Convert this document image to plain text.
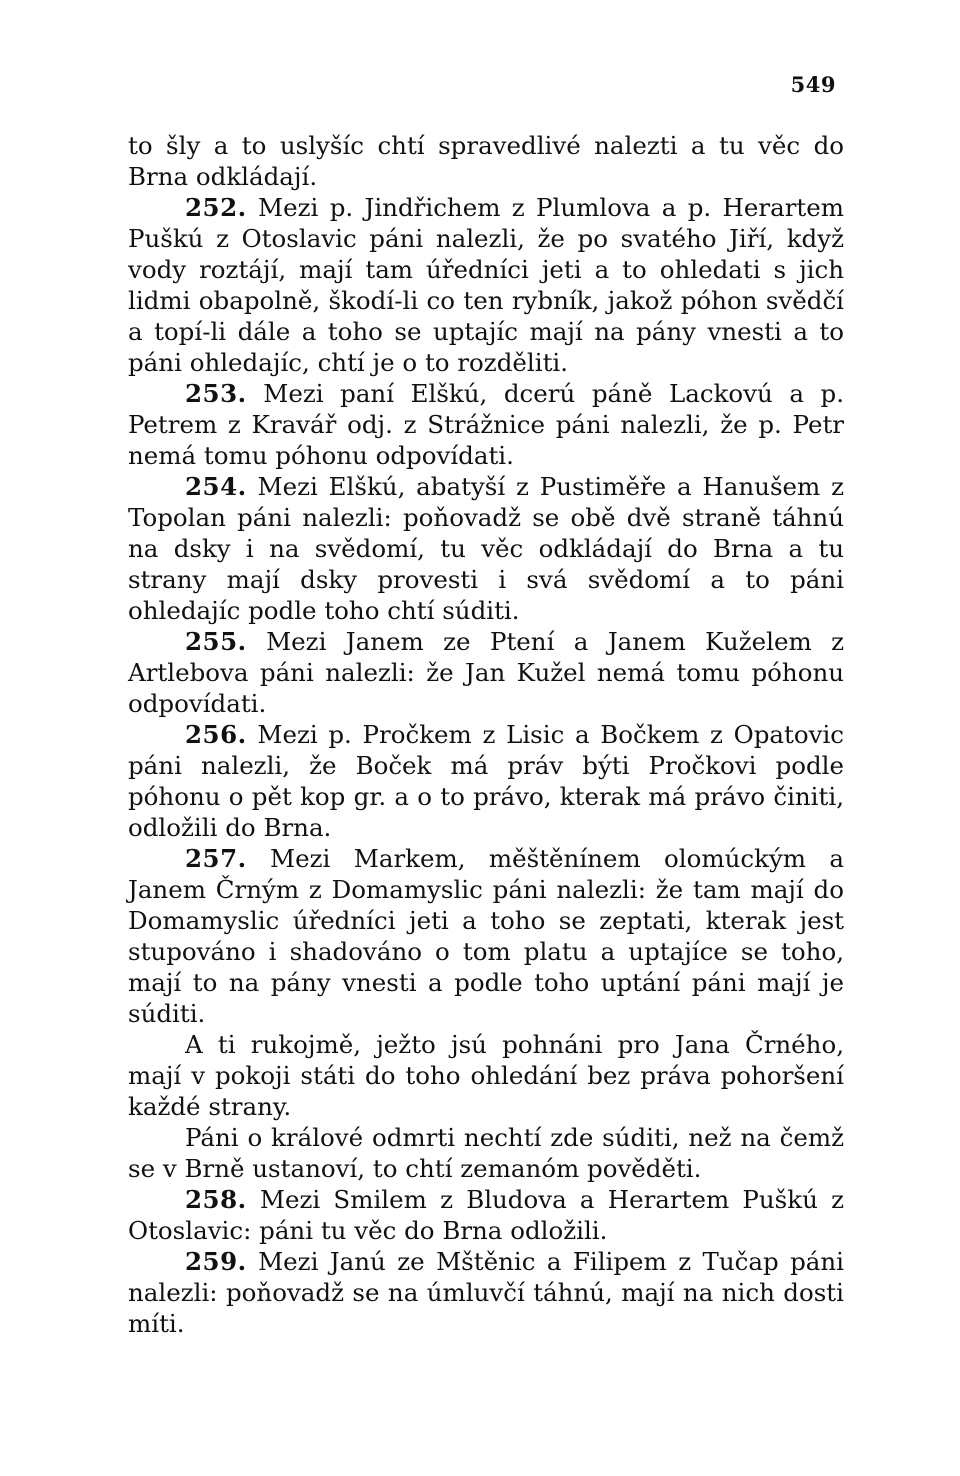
549

to šly a to uslyšíc chtí spravedlivé nalezti a tu věc do Brna odkládají.

252. Mezi p. Jindřichem z Plumlova a p. Herartem Puškú z Otoslavic páni nalezli, že po svatého Jiří, když vody roztájí, mají tam úředníci jeti a to ohledati s jich lidmi obapolně, škodí-li co ten rybník, jakož póhon svědčí a topí-li dále a toho se uptajíc mají na pány vnesti a to páni ohledajíc, chtí je o to rozděliti.

253. Mezi paní Elškú, dcerú páně Lackovú a p. Petrem z Kravář odj. z Strážnice páni nalezli, že p. Petr nemá tomu póhonu odpovídati.

254. Mezi Elškú, abatyší z Pustiměře a Hanušem z Topolan páni nalezli: poňovadž se obě dvě straně táhnú na dsky i na svědomí, tu věc odkládají do Brna a tu strany mají dsky provesti i svá svědomí a to páni ohledajíc podle toho chtí súditi.

255. Mezi Janem ze Ptení a Janem Kuželem z Artlebova páni nalezli: že Jan Kužel nemá tomu póhonu odpovídati.

256. Mezi p. Pročkem z Lisic a Bočkem z Opatovic páni nalezli, že Boček má práv býti Pročkovi podle póhonu o pět kop gr. a o to právo, kterak má právo činiti, odložili do Brna.

257. Mezi Markem, měštěnínem olomúckým a Janem Črným z Domamyslic páni nalezli: že tam mají do Domamyslic úředníci jeti a toho se zeptati, kterak jest stupováno i shadováno o tom platu a uptajíce se toho, mají to na pány vnesti a podle toho uptání páni mají je súditi.

A ti rukojmě, ježto jsú pohnáni pro Jana Črného, mají v pokoji státi do toho ohledání bez práva pohoršení každé strany.

Páni o králové odmrti nechtí zde súditi, než na čemž se v Brně ustanoví, to chtí zemanóm pověděti.

258. Mezi Smilem z Bludova a Herartem Puškú z Otoslavic: páni tu věc do Brna odložili.

259. Mezi Janú ze Mštěnic a Filipem z Tučap páni nalezli: poňovadž se na úmluvčí táhnú, mají na nich dosti míti.
